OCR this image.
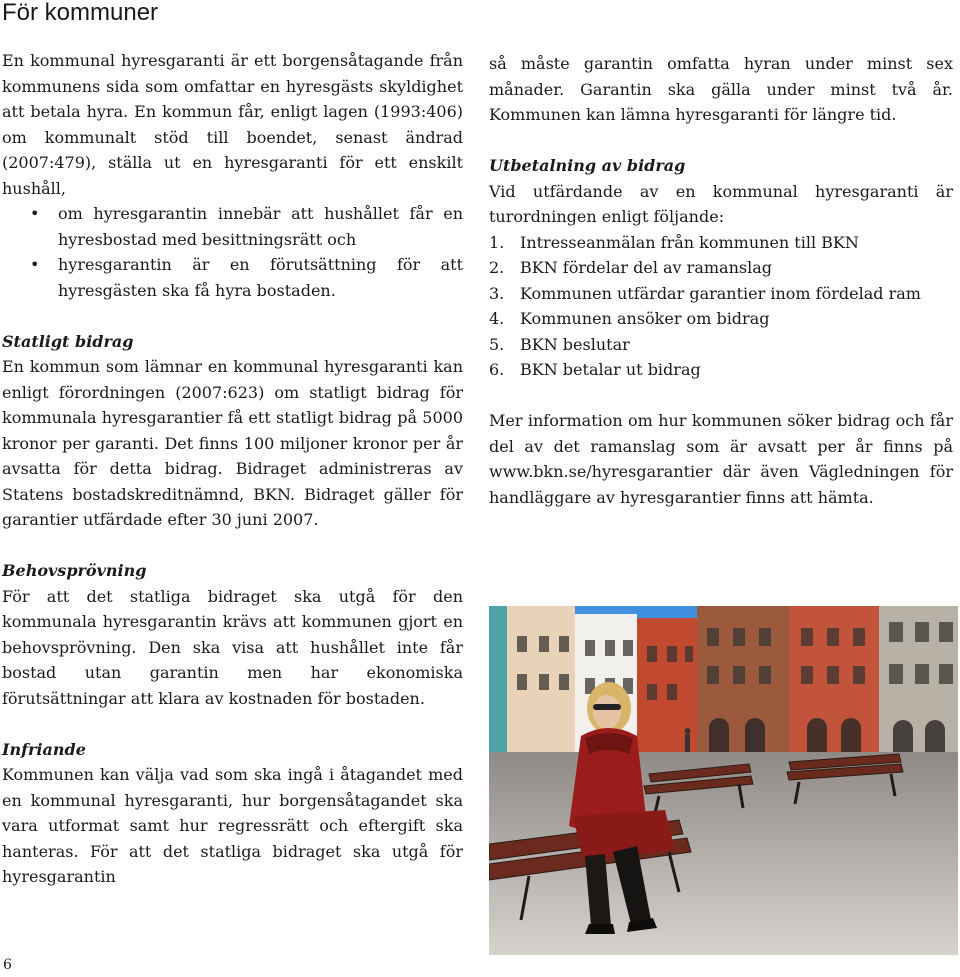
För kommuner

En kommunal hyresgaranti är ett borgensåtagande från kommunens sida som omfattar en hyresgästs skyldighet att betala hyra. En kommun får, enligt lagen (1993:406) om kommunalt stöd till boendet, senast ändrad (2007:479), ställa ut en hyresgaranti för ett enskilt hushåll,

• om hyresgarantin innebär att hushållet får en hyresbostad med besittningsrätt och
• hyresgarantin är en förutsättning för att hyresgästen ska få hyra bostaden.
Statligt bidrag

En kommun som lämnar en kommunal hyresgaranti kan enligt förordningen (2007:623) om statligt bidrag för kommunala hyresgarantier få ett statligt bidrag på 5000 kronor per garanti. Det finns 100 miljoner kronor per år avsatta för detta bidrag. Bidraget administreras av Statens bostadskreditnämnd, BKN. Bidraget gäller för garantier utfärdade efter 30 juni 2007.

Behovsprövning

För att det statliga bidraget ska utgå för den kommunala hyresgarantin krävs att kommunen gjort en behovsprövning. Den ska visa att hushållet inte får bostad utan garantin men har ekonomiska förutsättningar att klara av kostnaden för bostaden.

Infriande

Kommunen kan välja vad som ska ingå i åtagandet med en kommunal hyresgaranti, hur borgensåtagandet ska vara utformat samt hur regressrätt och eftergift ska hanteras. För att det statliga bidraget ska utgå för hyresgarantin

så måste garantin omfatta hyran under minst sex månader. Garantin ska gälla under minst två år. Kommunen kan lämna hyresgaranti för längre tid.

Utbetalning av bidrag

Vid utfärdande av en kommunal hyresgaranti är turordningen enligt följande:

1. Intresseanmälan från kommunen till BKN
2. BKN fördelar del av ramanslag
3. Kommunen utfärdar garantier inom fördelad ram
4. Kommunen ansöker om bidrag
5. BKN beslutar
6. BKN betalar ut bidrag

Mer information om hur kommunen söker bidrag och får del av det ramanslag som är avsatt per år finns på www.bkn.se/hyresgarantier där även Vägledningen för handläggare av hyresgarantier finns att hämta.

6
